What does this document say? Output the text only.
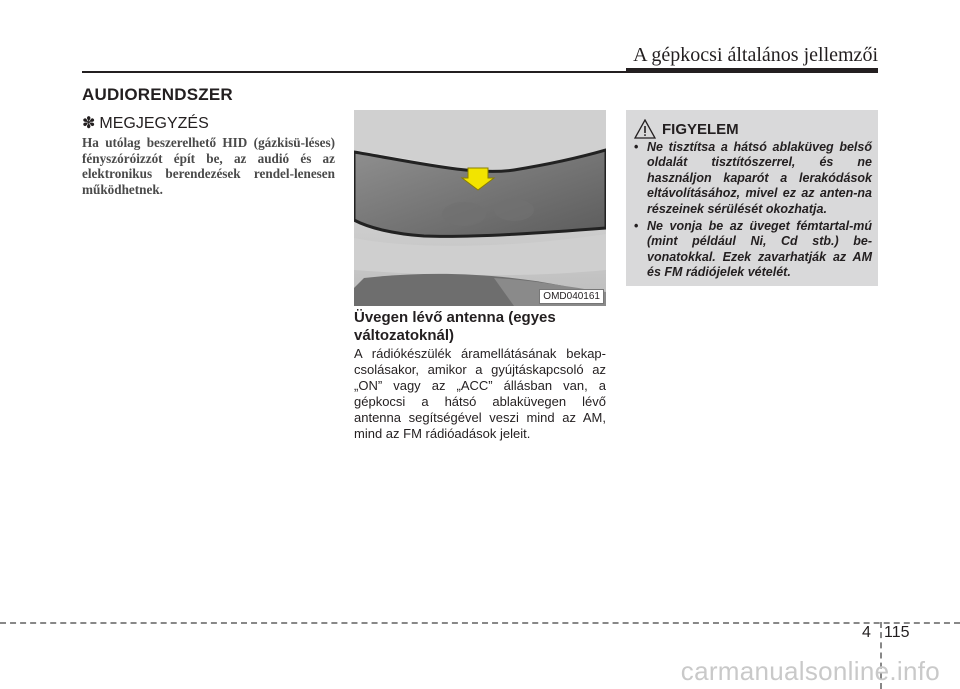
A gépkocsi általános jellemzői
AUDIORENDSZER
✽ MEGJEGYZÉS
Ha utólag beszerelhető HID (gázkisü-léses) fényszóróizzót épít be, az audió és az elektronikus berendezések rendel-lenesen működhetnek.
OMD040161
Üvegen lévő antenna (egyes változatoknál)
A rádiókészülék áramellátásának bekap-csolásakor, amikor a gyújtáskapcsoló az „ON” vagy az „ACC” állásban van, a gépkocsi a hátsó ablaküvegen lévő antenna segítségével veszi mind az AM, mind az FM rádióadások jeleit.
FIGYELEM
• Ne tisztítsa a hátsó ablaküveg belső oldalát tisztítószerrel, és ne használjon kaparót a lerakódások eltávolításához, mivel ez az anten-na részeinek sérülését okozhatja.
• Ne vonja be az üveget fémtartal-mú (mint például Ni, Cd stb.) be-vonatokkal. Ezek zavarhatják az AM és FM rádiójelek vételét.
4 115
carmanualsonline.info
